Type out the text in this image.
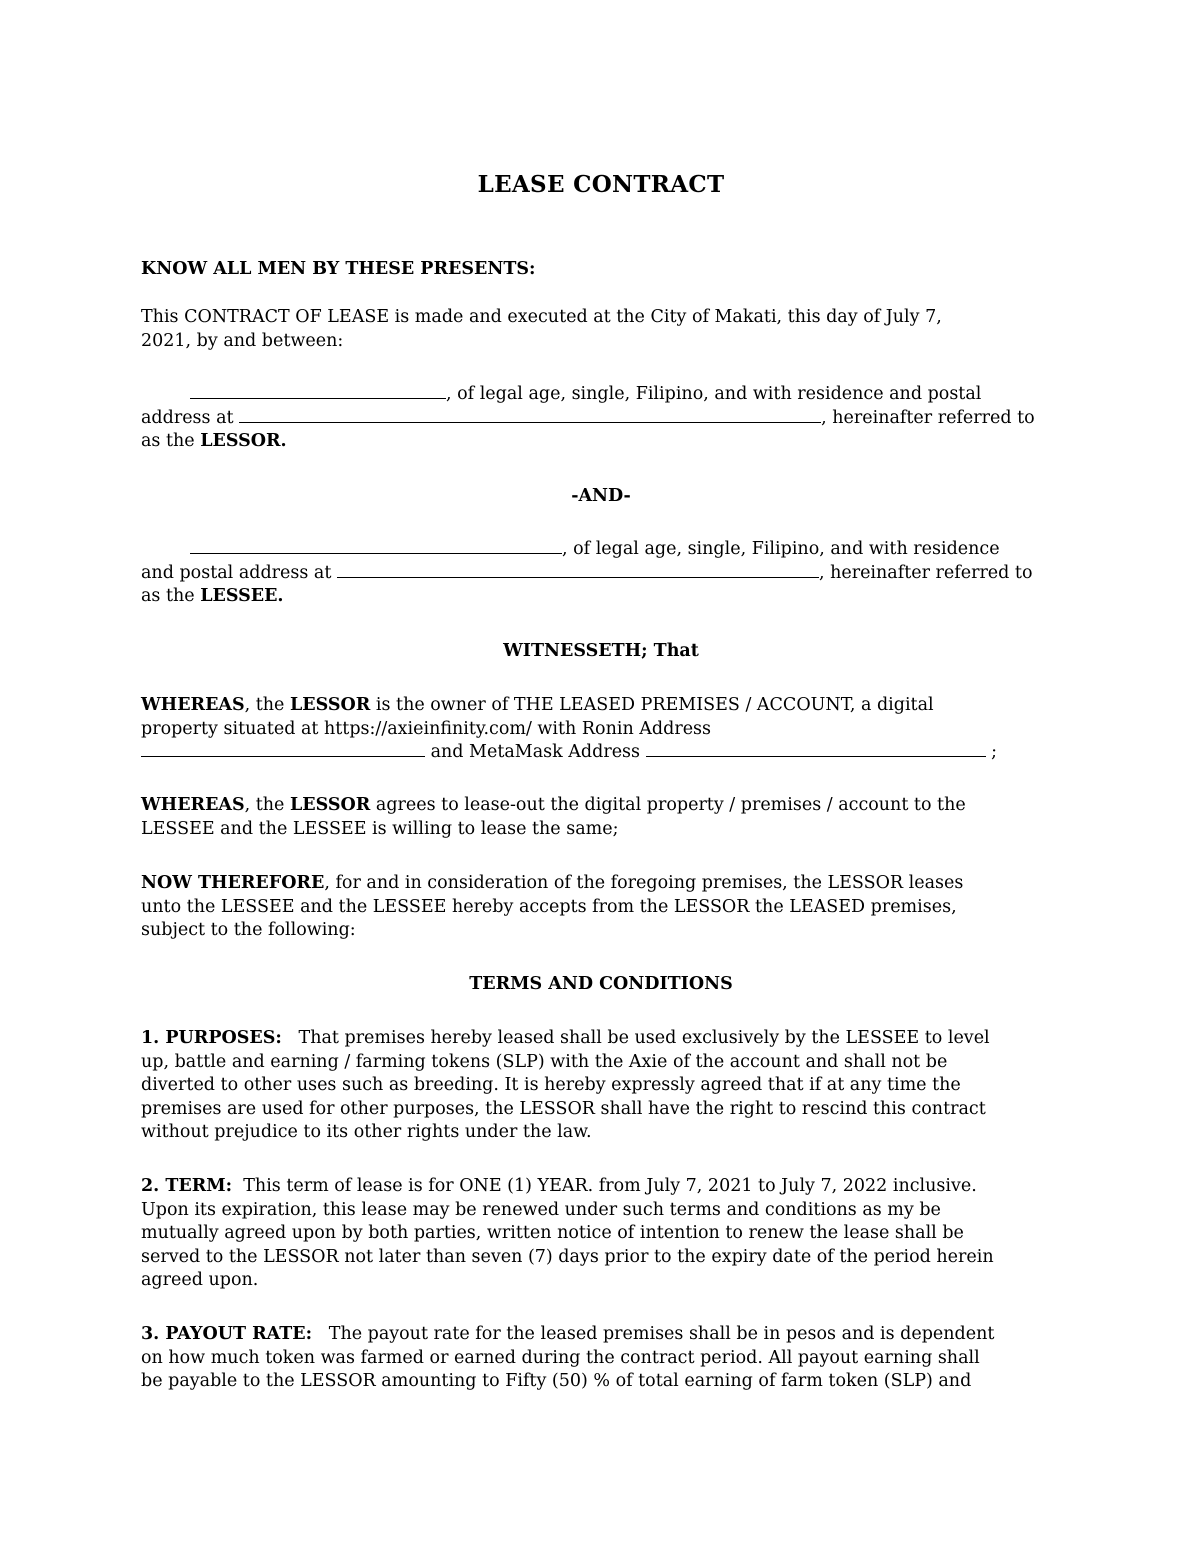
LEASE CONTRACT
KNOW ALL MEN BY THESE PRESENTS:

This CONTRACT OF LEASE is made and executed at the City of Makati, this day of July 7,

2021, by and between:

, of legal age, single, Filipino, and with residence and postal

address at	, hereinafter referred to

as the LESSOR.

-AND-

, of legal age, single, Filipino, and with residence

and postal address at	, hereinafter referred to

as the LESSEE.

WITNESSETH; That

WHEREAS, the LESSOR is the owner of THE LEASED PREMISES / ACCOUNT, a digital

property situated at https://axieinfinity.com/ with Ronin Address

and MetaMask Address	;

WHEREAS, the LESSOR agrees to lease-out the digital property / premises / account to the

LESSEE and the LESSEE is willing to lease the same;

NOW THEREFORE, for and in consideration of the foregoing premises, the LESSOR leases

unto the LESSEE and the LESSEE hereby accepts from the LESSOR the LEASED premises,

subject to the following:

TERMS AND CONDITIONS

1. PURPOSES: That premises hereby leased shall be used exclusively by the LESSEE to level

up, battle and earning / farming tokens (SLP) with the Axie of the account and shall not be

diverted to other uses such as breeding. It is hereby expressly agreed that if at any time the

premises are used for other purposes, the LESSOR shall have the right to rescind this contract

without prejudice to its other rights under the law.

2. TERM: This term of lease is for ONE (1) YEAR. from July 7, 2021 to July 7, 2022 inclusive.

Upon its expiration, this lease may be renewed under such terms and conditions as my be

mutually agreed upon by both parties, written notice of intention to renew the lease shall be

served to the LESSOR not later than seven (7) days prior to the expiry date of the period herein

agreed upon.

3. PAYOUT RATE: The payout rate for the leased premises shall be in pesos and is dependent

on how much token was farmed or earned during the contract period. All payout earning shall

be payable to the LESSOR amounting to Fifty (50) % of total earning of farm token (SLP) and
